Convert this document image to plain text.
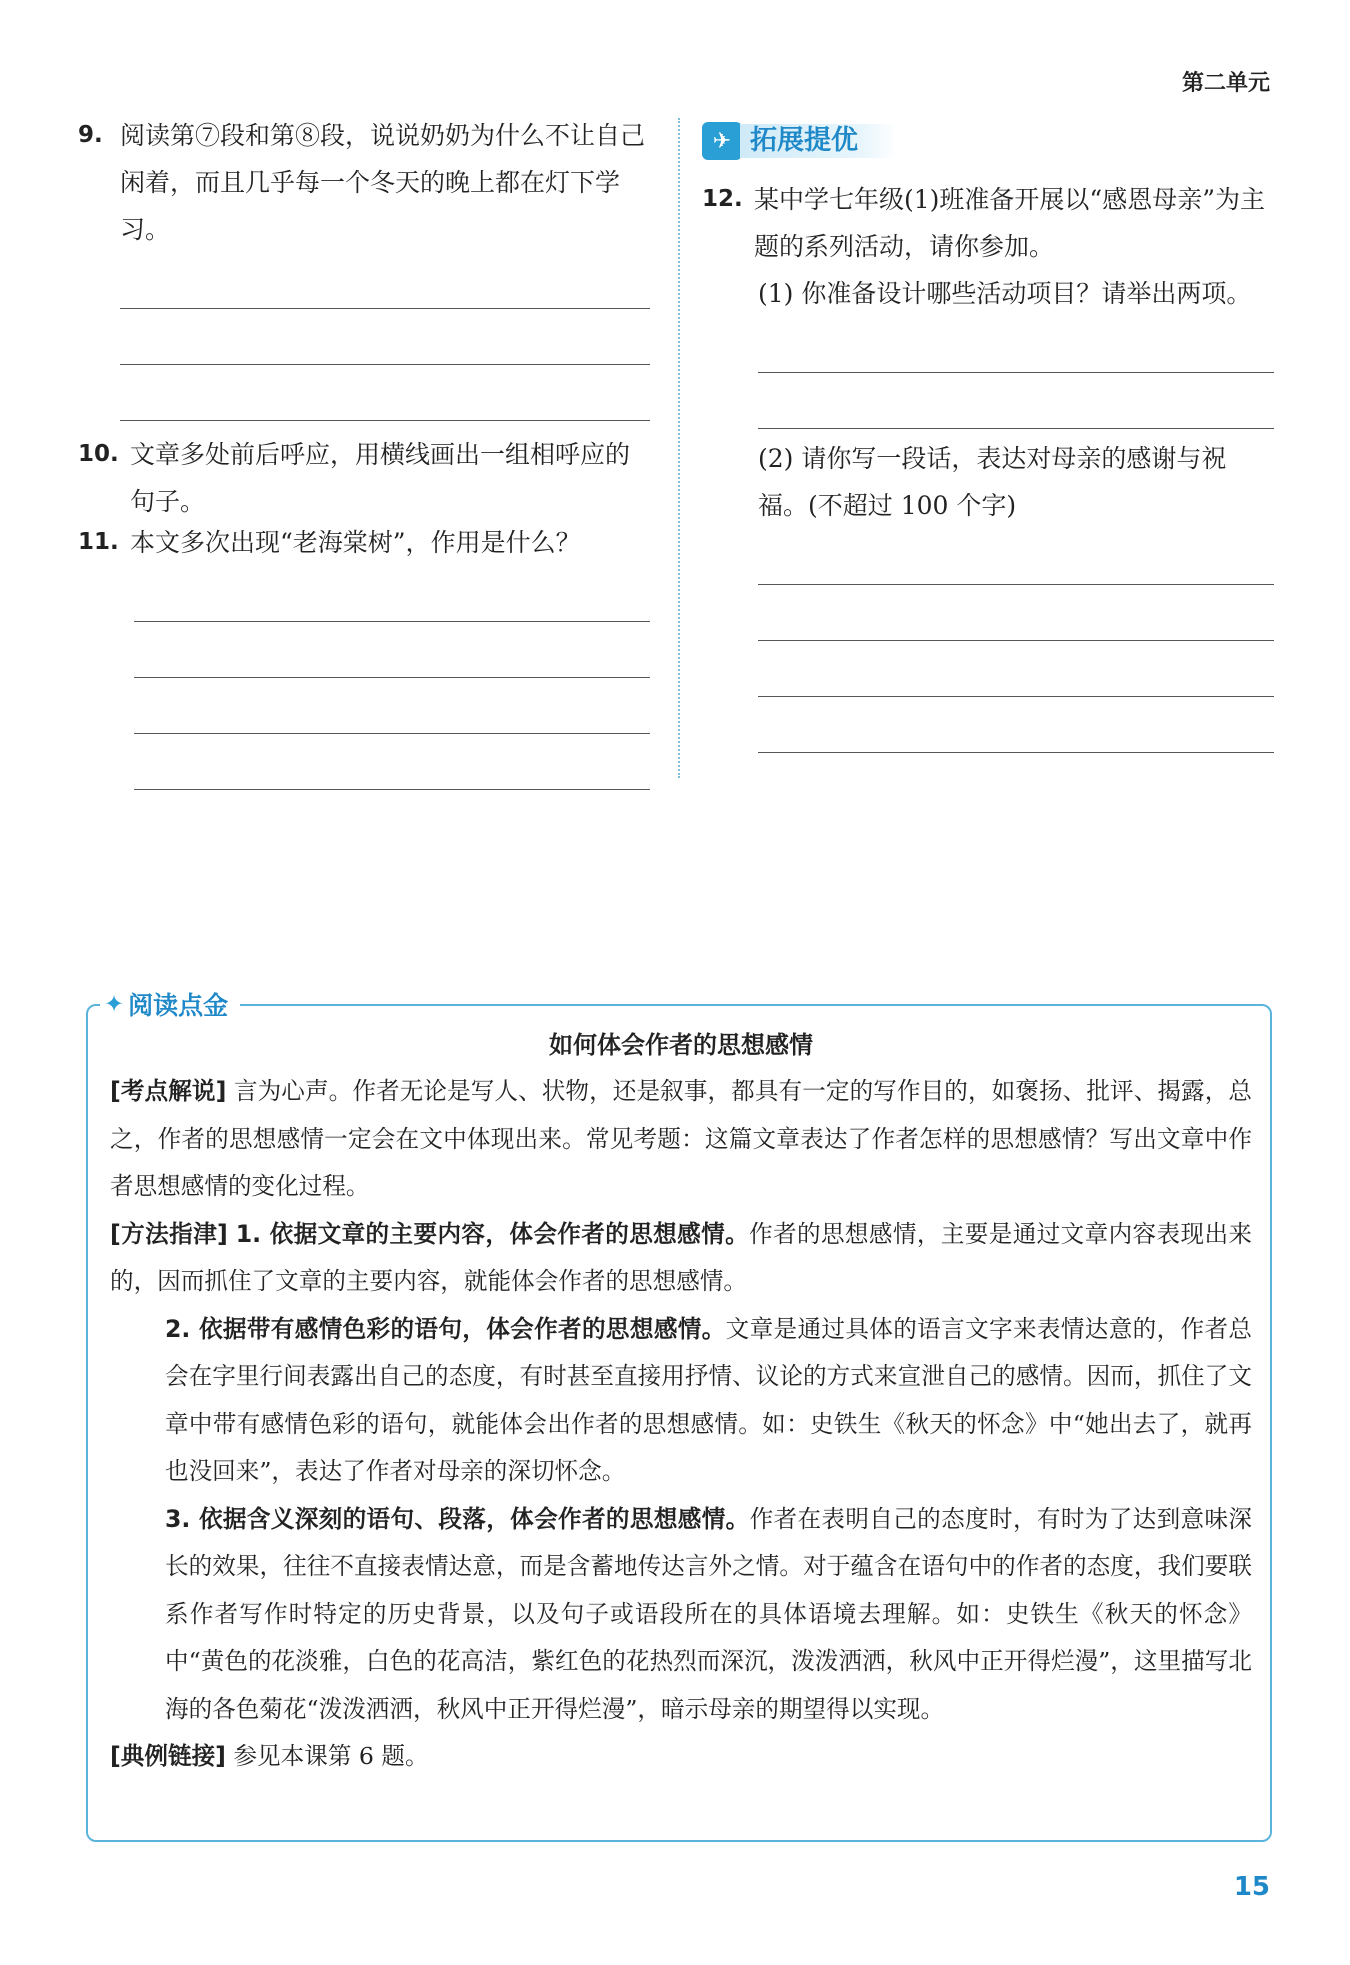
第二单元
9. 阅读第⑦段和第⑧段，说说奶奶为什么不让自己闲着，而且几乎每一个冬天的晚上都在灯下学习。
10. 文章多处前后呼应，用横线画出一组相呼应的句子。
11. 本文多次出现“老海棠树”，作用是什么？
✈ 拓展提优
12. 某中学七年级(1)班准备开展以“感恩母亲”为主题的系列活动，请你参加。
(1) 你准备设计哪些活动项目？请举出两项。
(2) 请你写一段话，表达对母亲的感谢与祝福。(不超过 100 个字)
✦ 阅读点金
如何体会作者的思想感情
[考点解说] 言为心声。作者无论是写人、状物，还是叙事，都具有一定的写作目的，如褒扬、批评、揭露，总之，作者的思想感情一定会在文中体现出来。常见考题：这篇文章表达了作者怎样的思想感情？写出文章中作者思想感情的变化过程。
[方法指津] 1. 依据文章的主要内容，体会作者的思想感情。作者的思想感情，主要是通过文章内容表现出来的，因而抓住了文章的主要内容，就能体会作者的思想感情。
2. 依据带有感情色彩的语句，体会作者的思想感情。文章是通过具体的语言文字来表情达意的，作者总会在字里行间表露出自己的态度，有时甚至直接用抒情、议论的方式来宣泄自己的感情。因而，抓住了文章中带有感情色彩的语句，就能体会出作者的思想感情。如：史铁生《秋天的怀念》中“她出去了，就再也没回来”，表达了作者对母亲的深切怀念。
3. 依据含义深刻的语句、段落，体会作者的思想感情。作者在表明自己的态度时，有时为了达到意味深长的效果，往往不直接表情达意，而是含蓄地传达言外之情。对于蕴含在语句中的作者的态度，我们要联系作者写作时特定的历史背景，以及句子或语段所在的具体语境去理解。如：史铁生《秋天的怀念》中“黄色的花淡雅，白色的花高洁，紫红色的花热烈而深沉，泼泼洒洒，秋风中正开得烂漫”，这里描写北海的各色菊花“泼泼洒洒，秋风中正开得烂漫”，暗示母亲的期望得以实现。
[典例链接] 参见本课第 6 题。
15
